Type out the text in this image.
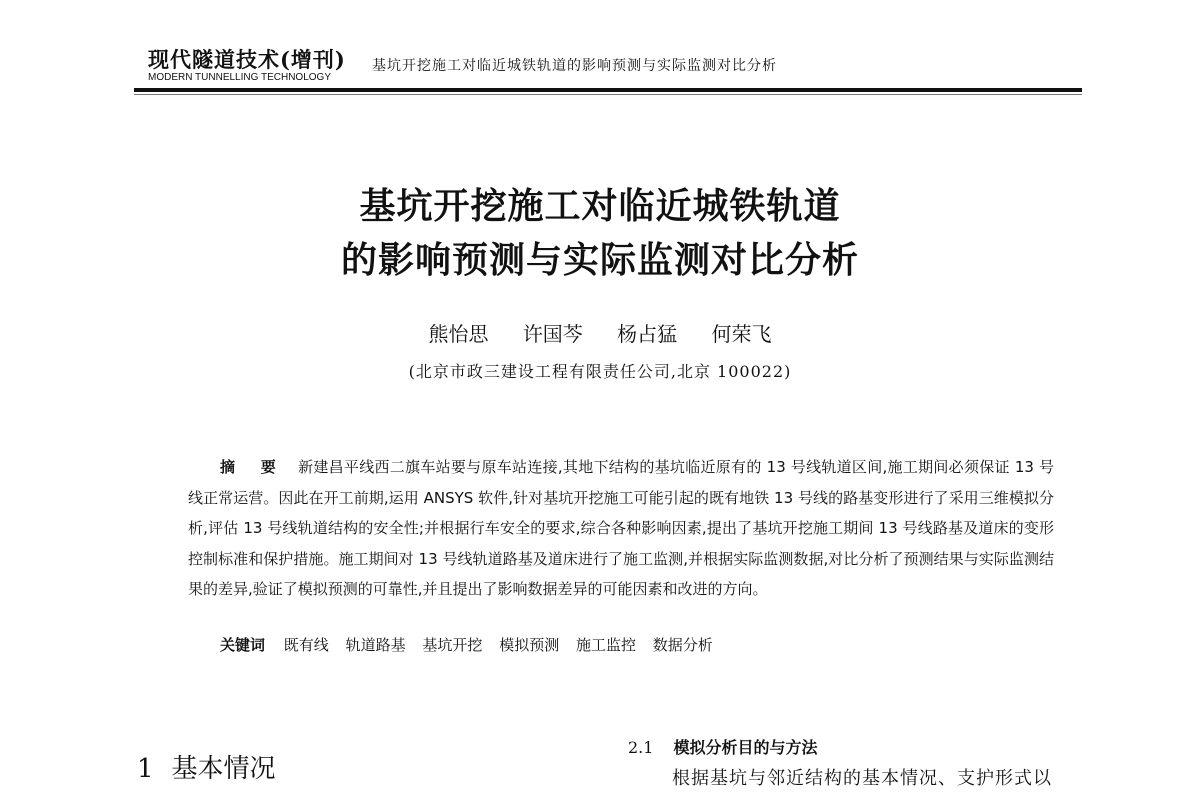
现代隧道技术(增刊)
MODERN TUNNELLING TECHNOLOGY
基坑开挖施工对临近城铁轨道的影响预测与实际监测对比分析
基坑开挖施工对临近城铁轨道
的影响预测与实际监测对比分析
熊怡思 许国芩 杨占猛 何荣飞
(北京市政三建设工程有限责任公司,北京 100022)

摘 要 新建昌平线西二旗车站要与原车站连接,其地下结构的基坑临近原有的 13 号线轨道区间,施工期间必须保证 13 号线正常运营。因此在开工前期,运用 ANSYS 软件,针对基坑开挖施工可能引起的既有地铁 13 号线的路基变形进行了采用三维模拟分析,评估 13 号线轨道结构的安全性;并根据行车安全的要求,综合各种影响因素,提出了基坑开挖施工期间 13 号线路基及道床的变形控制标准和保护措施。施工期间对 13 号线轨道路基及道床进行了施工监测,并根据实际监测数据,对比分析了预测结果与实际监测结果的差异,验证了模拟预测的可靠性,并且提出了影响数据差异的可能因素和改进的方向。

关键词 既有线 轨道路基 基坑开挖 模拟预测 施工监控 数据分析
1 基本情况
2.1 模拟分析目的与方法
根据基坑与邻近结构的基本情况、支护形式以
